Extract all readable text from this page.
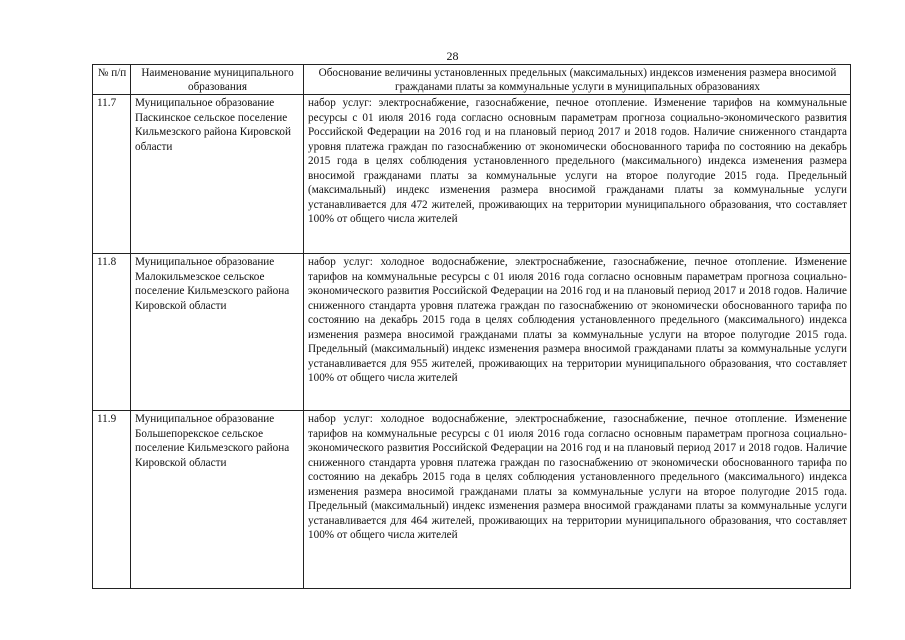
28
№ п/п	Наименование муниципального образования	Обоснование величины установленных предельных (максимальных) индексов изменения размера вносимой гражданами платы за коммунальные услуги в муниципальных образованиях
11.7	Муниципальное образование Паскинское сельское поселение Кильмезского района Кировской области	набор услуг: электроснабжение, газоснабжение, печное отопление. Изменение тарифов на коммунальные ресурсы с 01 июля 2016 года согласно основным параметрам прогноза социально-экономического развития Российской Федерации на 2016 год и на плановый период 2017 и 2018 годов. Наличие сниженного стандарта уровня платежа граждан по газоснабжению от экономически обоснованного тарифа по состоянию на декабрь 2015 года в целях соблюдения установленного предельного (максимального) индекса изменения размера вносимой гражданами платы за коммунальные услуги на второе полугодие 2015 года. Предельный (максимальный) индекс изменения размера вносимой гражданами платы за коммунальные услуги устанавливается для 472 жителей, проживающих на территории муниципального образования, что составляет 100% от общего числа жителей
11.8	Муниципальное образование Малокильмезское сельское поселение Кильмезского района Кировской области	набор услуг: холодное водоснабжение, электроснабжение, газоснабжение, печное отопление. Изменение тарифов на коммунальные ресурсы с 01 июля 2016 года согласно основным параметрам прогноза социально-экономического развития Российской Федерации на 2016 год и на плановый период 2017 и 2018 годов. Наличие сниженного стандарта уровня платежа граждан по газоснабжению от экономически обоснованного тарифа по состоянию на декабрь 2015 года в целях соблюдения установленного предельного (максимального) индекса изменения размера вносимой гражданами платы за коммунальные услуги на второе полугодие 2015 года. Предельный (максимальный) индекс изменения размера вносимой гражданами платы за коммунальные услуги устанавливается для 955 жителей, проживающих на территории муниципального образования, что составляет 100% от общего числа жителей
11.9	Муниципальное образование Большепорекское сельское поселение Кильмезского района Кировской области	набор услуг: холодное водоснабжение, электроснабжение, газоснабжение, печное отопление. Изменение тарифов на коммунальные ресурсы с 01 июля 2016 года согласно основным параметрам прогноза социально-экономического развития Российской Федерации на 2016 год и на плановый период 2017 и 2018 годов. Наличие сниженного стандарта уровня платежа граждан по газоснабжению от экономически обоснованного тарифа по состоянию на декабрь 2015 года в целях соблюдения установленного предельного (максимального) индекса изменения размера вносимой гражданами платы за коммунальные услуги на второе полугодие 2015 года. Предельный (максимальный) индекс изменения размера вносимой гражданами платы за коммунальные услуги устанавливается для 464 жителей, проживающих на территории муниципального образования, что составляет 100% от общего числа жителей
